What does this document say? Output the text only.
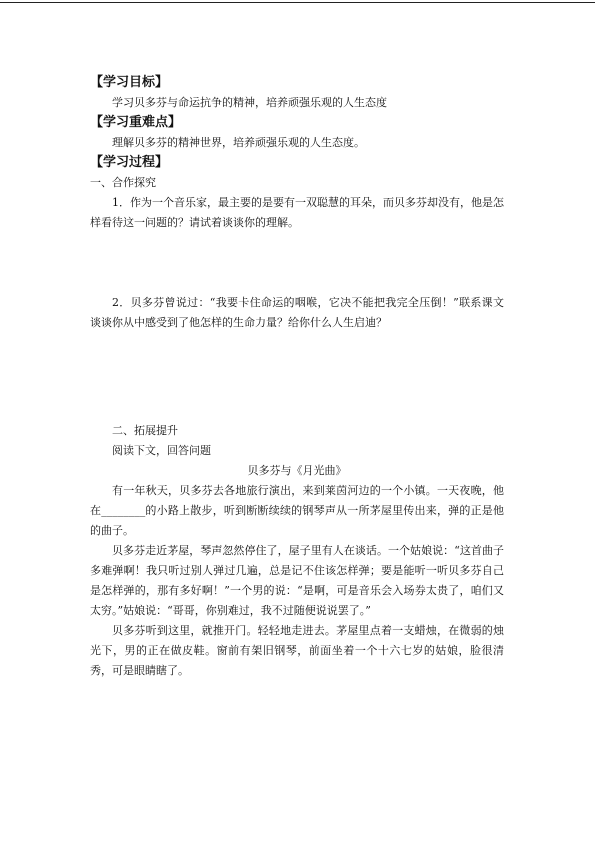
【学习目标】

学习贝多芬与命运抗争的精神，培养顽强乐观的人生态度

【学习重难点】

理解贝多芬的精神世界，培养顽强乐观的人生态度。

【学习过程】

一、合作探究

1．作为一个音乐家，最主要的是要有一双聪慧的耳朵，而贝多芬却没有，他是怎样看待这一问题的？请试着谈谈你的理解。

2．贝多芬曾说过：“我要卡住命运的咽喉，它决不能把我完全压倒！”联系课文谈谈你从中感受到了他怎样的生命力量？给你什么人生启迪？

二、拓展提升

阅读下文，回答问题

贝多芬与《月光曲》

有一年秋天，贝多芬去各地旅行演出，来到莱茵河边的一个小镇。一天夜晚，他在________的小路上散步，听到断断续续的钢琴声从一所茅屋里传出来，弹的正是他的曲子。

贝多芬走近茅屋，琴声忽然停住了，屋子里有人在谈话。一个姑娘说：“这首曲子多难弹啊！我只听过别人弹过几遍，总是记不住该怎样弹；要是能听一听贝多芬自己是怎样弹的，那有多好啊！”一个男的说：“是啊，可是音乐会入场券太贵了，咱们又太穷。”姑娘说：“哥哥，你别难过，我不过随便说说罢了。”

贝多芬听到这里，就推开门。轻轻地走进去。茅屋里点着一支蜡烛，在微弱的烛光下，男的正在做皮鞋。窗前有架旧钢琴，前面坐着一个十六七岁的姑娘，脸很清秀，可是眼睛瞎了。
